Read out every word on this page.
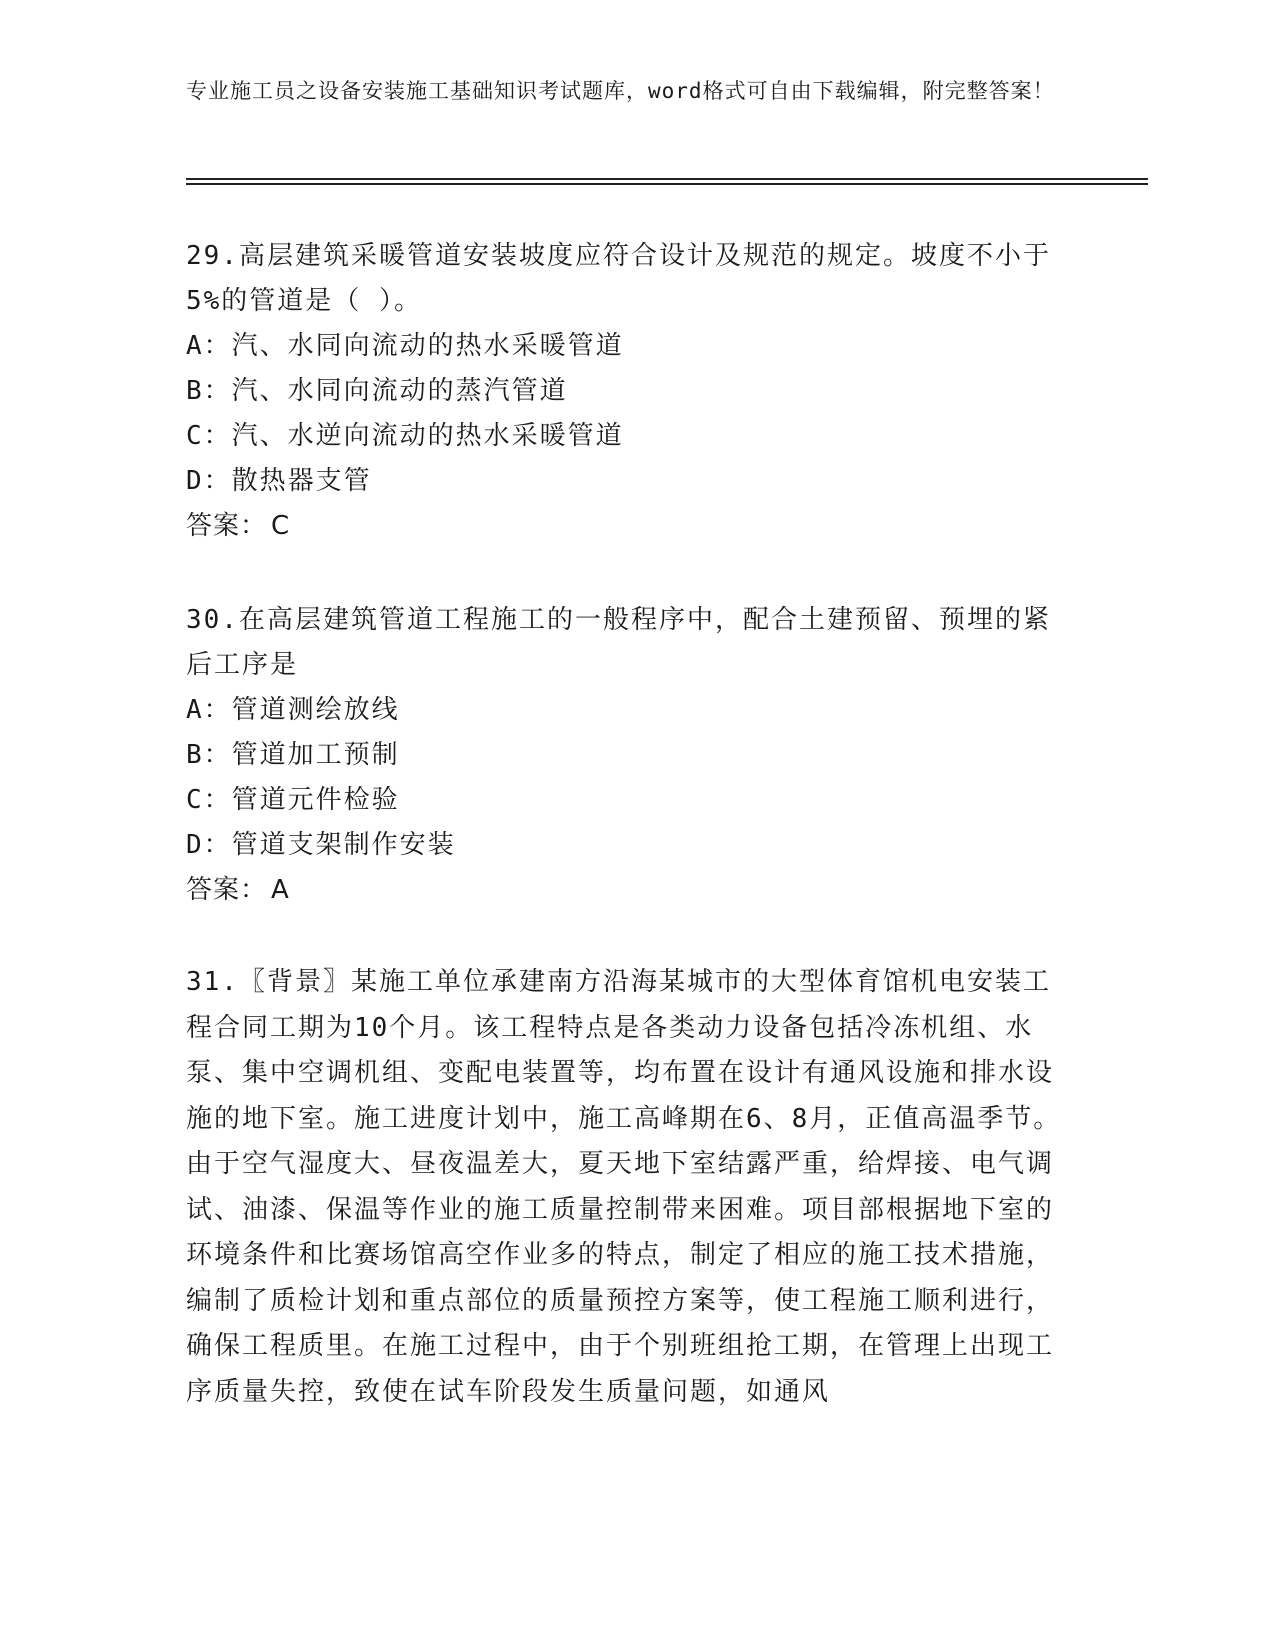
专业施工员之设备安装施工基础知识考试题库，word格式可自由下载编辑，附完整答案！
29.高层建筑采暖管道安装坡度应符合设计及规范的规定。坡度不小于5%的管道是（ ）。
A：汽、水同向流动的热水采暖管道
B：汽、水同向流动的蒸汽管道
C：汽、水逆向流动的热水采暖管道
D：散热器支管
答案： C
30.在高层建筑管道工程施工的一般程序中，配合土建预留、预埋的紧后工序是
A：管道测绘放线
B：管道加工预制
C：管道元件检验
D：管道支架制作安装
答案： A
31.〖背景〗某施工单位承建南方沿海某城市的大型体育馆机电安装工程合同工期为10个月。该工程特点是各类动力设备包括冷冻机组、水泵、集中空调机组、变配电装置等，均布置在设计有通风设施和排水设施的地下室。施工进度计划中，施工高峰期在6、8月，正值高温季节。由于空气湿度大、昼夜温差大，夏天地下室结露严重，给焊接、电气调试、油漆、保温等作业的施工质量控制带来困难。项目部根据地下室的环境条件和比赛场馆高空作业多的特点，制定了相应的施工技术措施，编制了质检计划和重点部位的质量预控方案等，使工程施工顺利进行，确保工程质里。在施工过程中，由于个别班组抢工期，在管理上出现工序质量失控，致使在试车阶段发生质量问题，如通风
